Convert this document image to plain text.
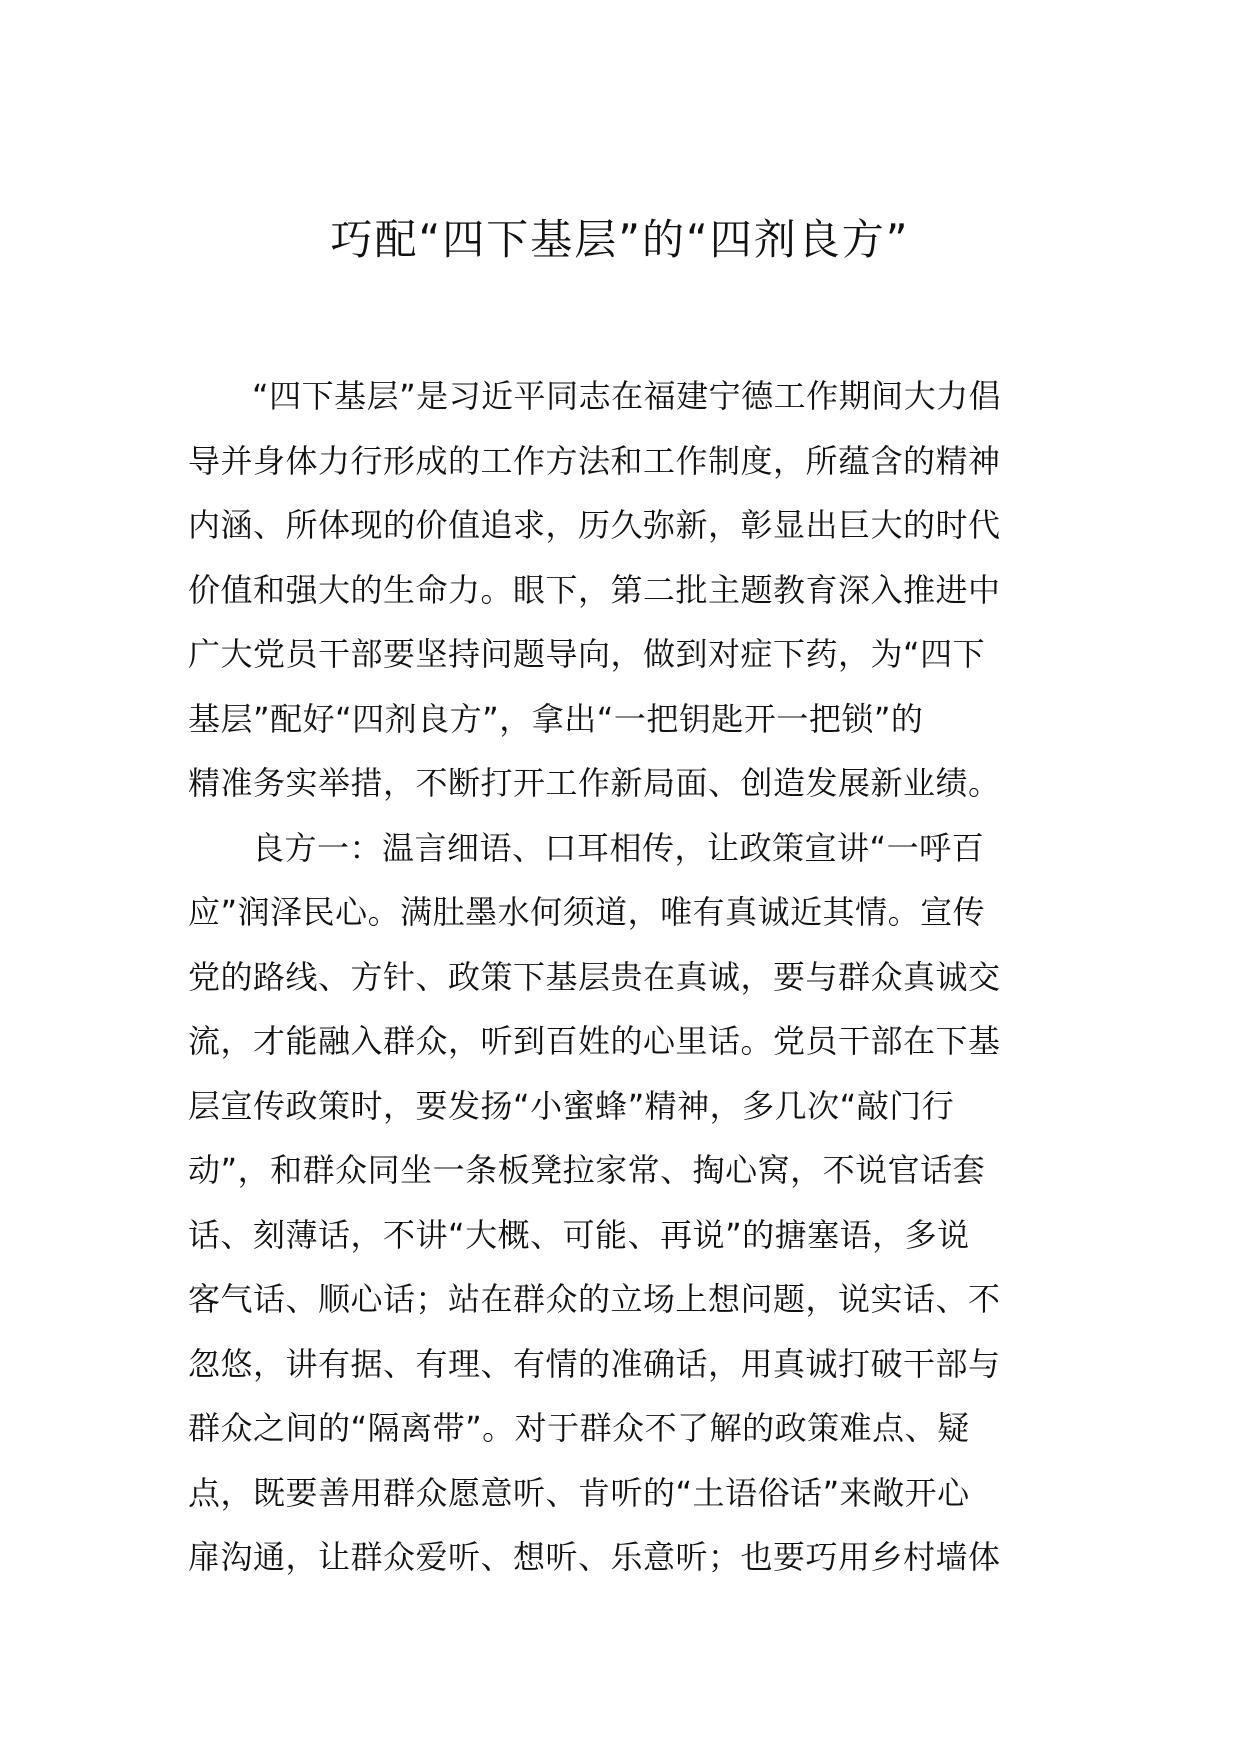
巧配“四下基层”的“四剂良方”
“四下基层”是习近平同志在福建宁德工作期间大力倡
导并身体力行形成的工作方法和工作制度，所蕴含的精神
内涵、所体现的价值追求，历久弥新，彰显出巨大的时代
价值和强大的生命力。眼下，第二批主题教育深入推进中
广大党员干部要坚持问题导向，做到对症下药，为“四下
基层”配好“四剂良方”，拿出“一把钥匙开一把锁”的
精准务实举措，不断打开工作新局面、创造发展新业绩。
良方一：温言细语、口耳相传，让政策宣讲“一呼百
应”润泽民心。满肚墨水何须道，唯有真诚近其情。宣传
党的路线、方针、政策下基层贵在真诚，要与群众真诚交
流，才能融入群众，听到百姓的心里话。党员干部在下基
层宣传政策时，要发扬“小蜜蜂”精神，多几次“敲门行
动”，和群众同坐一条板凳拉家常、掏心窝，不说官话套
话、刻薄话，不讲“大概、可能、再说”的搪塞语，多说
客气话、顺心话；站在群众的立场上想问题，说实话、不
忽悠，讲有据、有理、有情的准确话，用真诚打破干部与
群众之间的“隔离带”。对于群众不了解的政策难点、疑
点，既要善用群众愿意听、肯听的“土语俗话”来敞开心
扉沟通，让群众爱听、想听、乐意听；也要巧用乡村墙体
